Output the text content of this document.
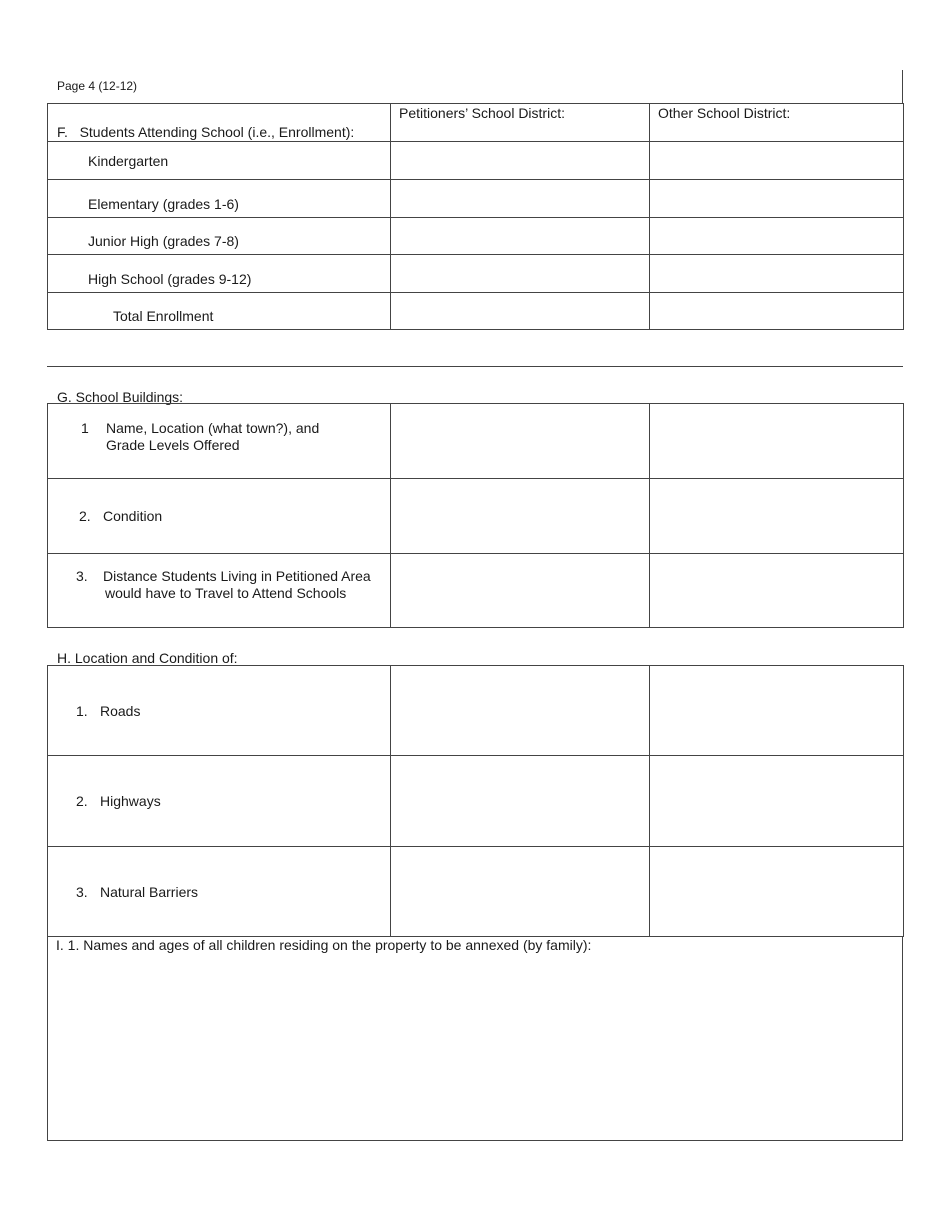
Page 4 (12-12)
F. Students Attending School (i.e., Enrollment):	Petitioners’ School District:	Other School District:
Kindergarten		
Elementary (grades 1-6)		
Junior High (grades 7-8)		
High School (grades 9-12)		
Total Enrollment		
G. School Buildings:
1 Name, Location (what town?), and
Grade Levels Offered		

2. Condition		

3. Distance Students Living in Petitioned Area
would have to Travel to Attend Schools		

H. Location and Condition of:
1. Roads		
2. Highways		
3. Natural Barriers		
I. 1. Names and ages of all children residing on the property to be annexed (by family):
